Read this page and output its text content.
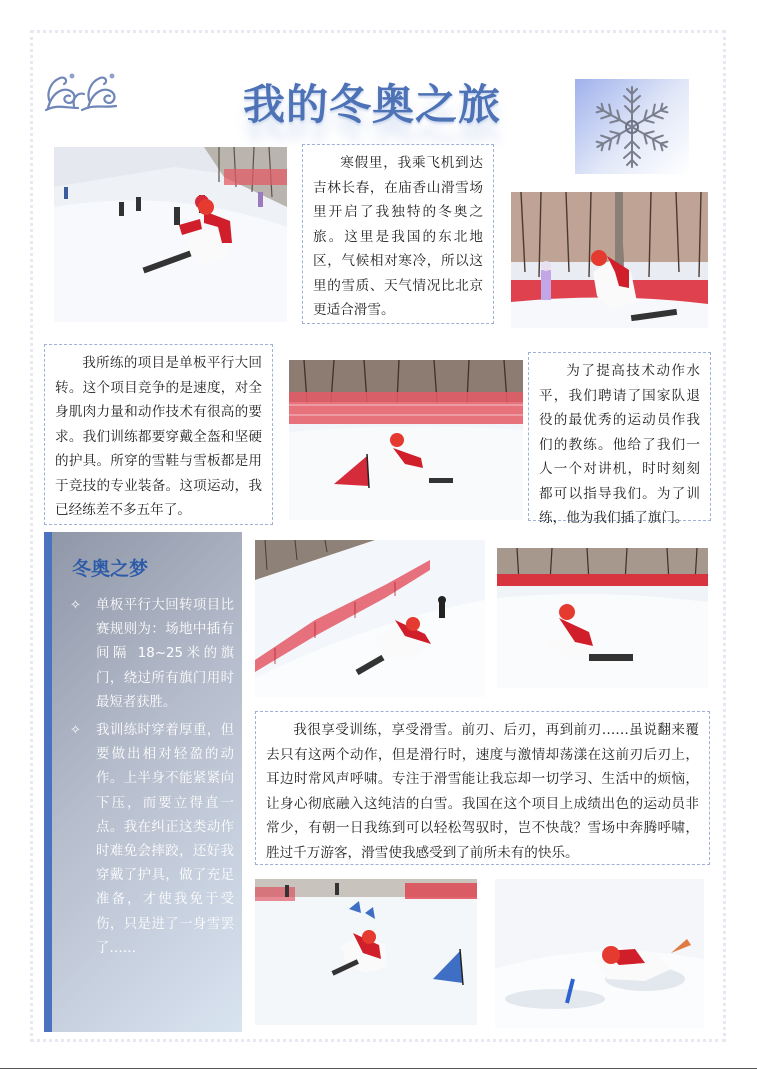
我的冬奥之旅

寒假里，我乘飞机到达吉林长春，在庙香山滑雪场里开启了我独特的冬奥之旅。这里是我国的东北地区，气候相对寒冷，所以这里的雪质、天气情况比北京更适合滑雪。

我所练的项目是单板平行大回转。这个项目竞争的是速度，对全身肌肉力量和动作技术有很高的要求。我们训练都要穿戴全盔和坚硬的护具。所穿的雪鞋与雪板都是用于竞技的专业装备。这项运动，我已经练差不多五年了。

为了提高技术动作水平，我们聘请了国家队退役的最优秀的运动员作我们的教练。他给了我们一人一个对讲机，时时刻刻都可以指导我们。为了训练，他为我们插了旗门。

冬奥之梦
✧ 单板平行大回转项目比赛规则为：场地中插有间隔 18~25米的旗门，绕过所有旗门用时最短者获胜。
✧ 我训练时穿着厚重，但要做出相对轻盈的动作。上半身不能紧紧向下压，而要立得直一点。我在纠正这类动作时难免会摔跤，还好我穿戴了护具，做了充足准备，才使我免于受伤，只是进了一身雪罢了……

我很享受训练，享受滑雪。前刃、后刃，再到前刃……虽说翻来覆去只有这两个动作，但是滑行时，速度与激情却荡漾在这前刃后刃上，耳边时常风声呼啸。专注于滑雪能让我忘却一切学习、生活中的烦恼，让身心彻底融入这纯洁的白雪。我国在这个项目上成绩出色的运动员非常少，有朝一日我练到可以轻松驾驭时，岂不快哉？雪场中奔腾呼啸，胜过千万游客，滑雪使我感受到了前所未有的快乐。
